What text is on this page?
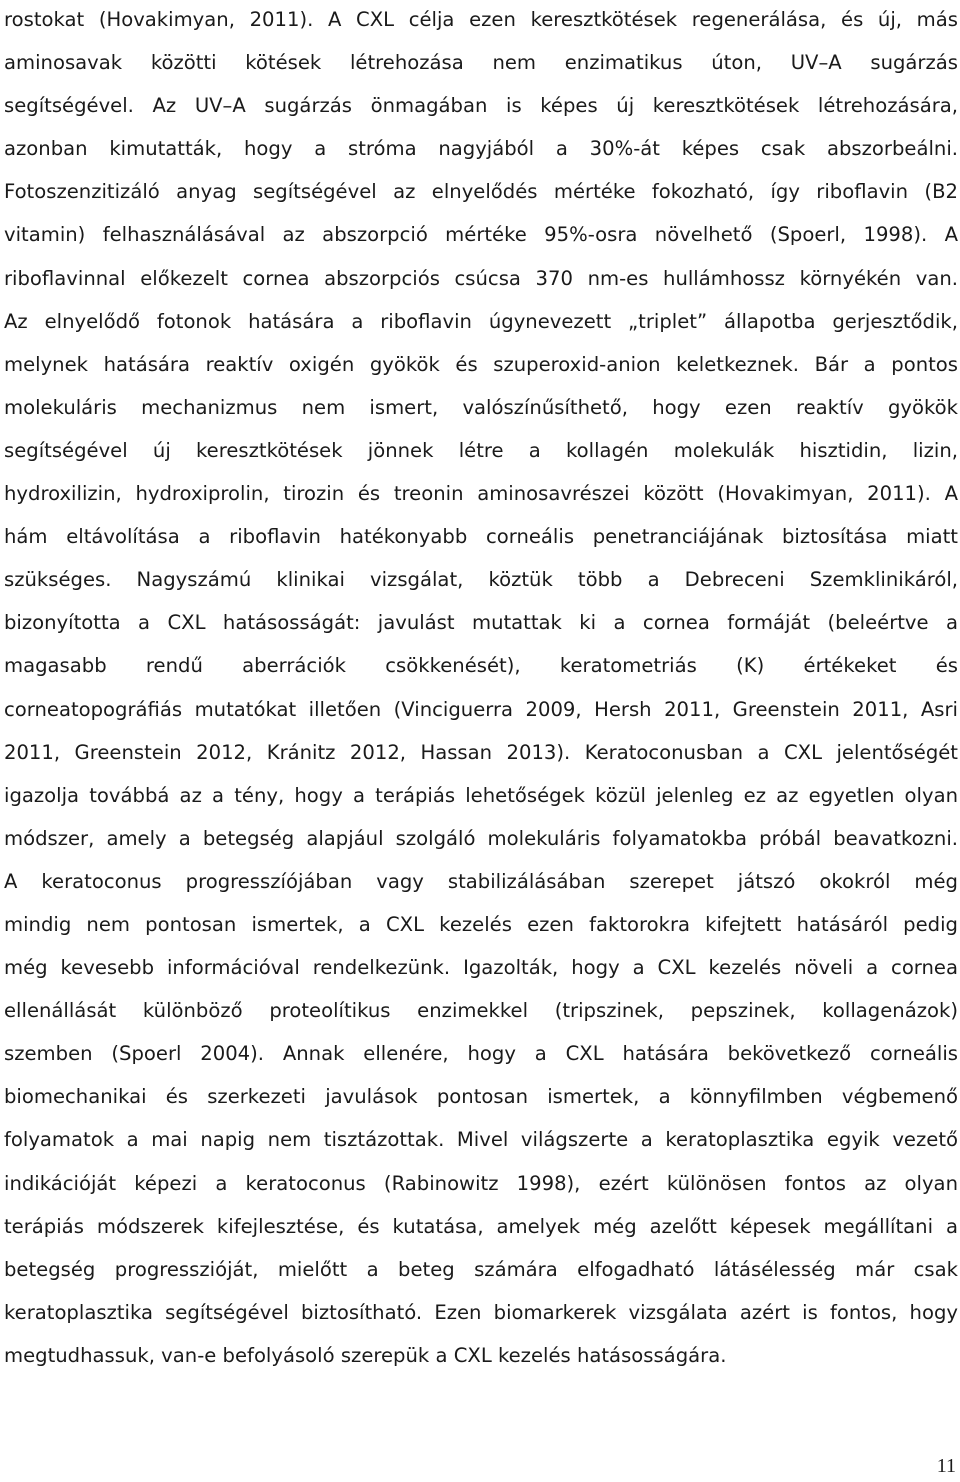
rostokat (Hovakimyan, 2011). A CXL célja ezen keresztkötések regenerálása, és új, más
aminosavak közötti kötések létrehozása nem enzimatikus úton, UV–A sugárzás
segítségével. Az UV–A sugárzás önmagában is képes új keresztkötések létrehozására,
azonban kimutatták, hogy a stróma nagyjából a 30%-át képes csak abszorbeálni.
Fotoszenzitizáló anyag segítségével az elnyelődés mértéke fokozható, így riboflavin (B2
vitamin) felhasználásával az abszorpció mértéke 95%-osra növelhető (Spoerl, 1998). A
riboflavinnal előkezelt cornea abszorpciós csúcsa 370 nm-es hullámhossz környékén van.
Az elnyelődő fotonok hatására a riboflavin úgynevezett „triplet” állapotba gerjesztődik,
melynek hatására reaktív oxigén gyökök és szuperoxid-anion keletkeznek. Bár a pontos
molekuláris mechanizmus nem ismert, valószínűsíthető, hogy ezen reaktív gyökök
segítségével új keresztkötések jönnek létre a kollagén molekulák hisztidin, lizin,
hydroxilizin, hydroxiprolin, tirozin és treonin aminosavrészei között (Hovakimyan, 2011). A
hám eltávolítása a riboflavin hatékonyabb corneális penetranciájának biztosítása miatt
szükséges. Nagyszámú klinikai vizsgálat, köztük több a Debreceni Szemklinikáról,
bizonyította a CXL hatásosságát: javulást mutattak ki a cornea formáját (beleértve a
magasabb rendű aberrációk csökkenését), keratometriás (K) értékeket és
corneatopográfiás mutatókat illetően (Vinciguerra 2009, Hersh 2011, Greenstein 2011, Asri
2011, Greenstein 2012, Kránitz 2012, Hassan 2013). Keratoconusban a CXL jelentőségét
igazolja továbbá az a tény, hogy a terápiás lehetőségek közül jelenleg ez az egyetlen olyan
módszer, amely a betegség alapjául szolgáló molekuláris folyamatokba próbál beavatkozni.
A keratoconus progresszíójában vagy stabilizálásában szerepet játszó okokról még
mindig nem pontosan ismertek, a CXL kezelés ezen faktorokra kifejtett hatásáról pedig
még kevesebb információval rendelkezünk. Igazolták, hogy a CXL kezelés növeli a cornea
ellenállását különböző proteolítikus enzimekkel (tripszinek, pepszinek, kollagenázok)
szemben (Spoerl 2004). Annak ellenére, hogy a CXL hatására bekövetkező corneális
biomechanikai és szerkezeti javulások pontosan ismertek, a könnyfilmben végbemenő
folyamatok a mai napig nem tisztázottak. Mivel világszerte a keratoplasztika egyik vezető
indikációját képezi a keratoconus (Rabinowitz 1998), ezért különösen fontos az olyan
terápiás módszerek kifejlesztése, és kutatása, amelyek még azelőtt képesek megállítani a
betegség progresszióját, mielőtt a beteg számára elfogadható látásélesség már csak
keratoplasztika segítségével biztosítható. Ezen biomarkerek vizsgálata azért is fontos, hogy
megtudhassuk, van-e befolyásoló szerepük a CXL kezelés hatásosságára.
11
